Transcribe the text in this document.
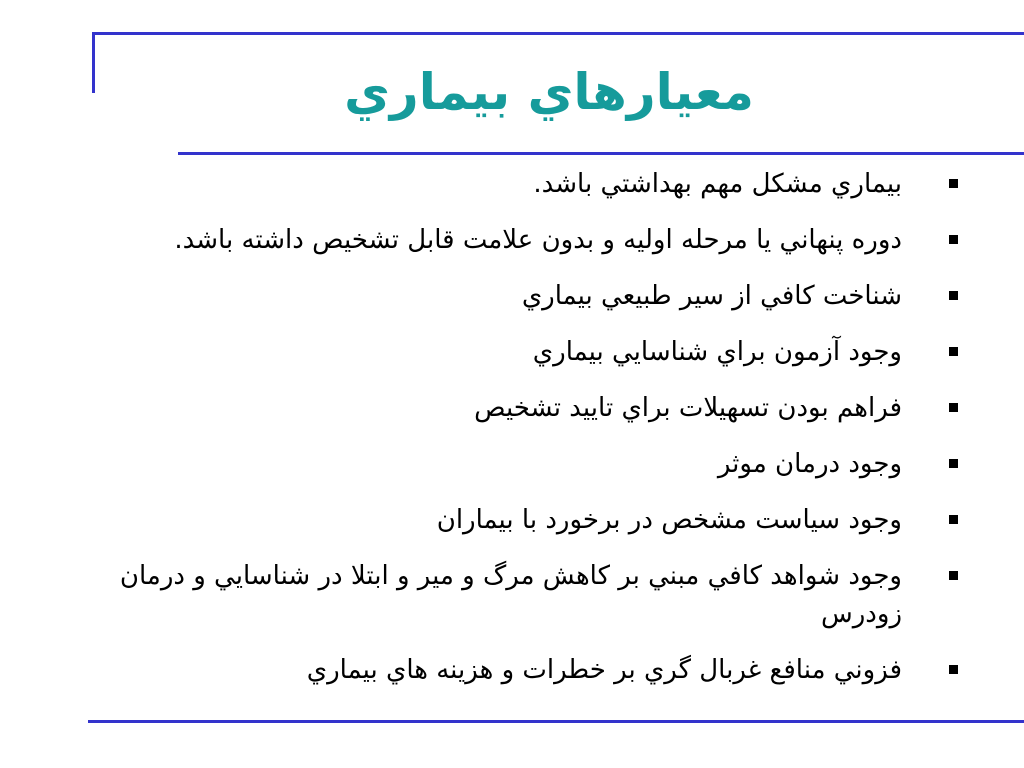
معيارهاي بيماري
بيماري مشكل مهم بهداشتي باشد.
دوره پنهاني يا مرحله اوليه و بدون علامت قابل تشخيص داشته باشد.
شناخت كافي از سير طبيعي بيماري
وجود آزمون براي شناسايي بيماري
فراهم بودن تسهيلات براي تاييد تشخيص
وجود درمان موثر
وجود سياست مشخص در برخورد با بيماران
وجود شواهد كافي مبني بر كاهش مرگ و مير و ابتلا در شناسايي و درمان زودرس
فزوني منافع غربال گري بر خطرات و هزينه هاي بيماري
